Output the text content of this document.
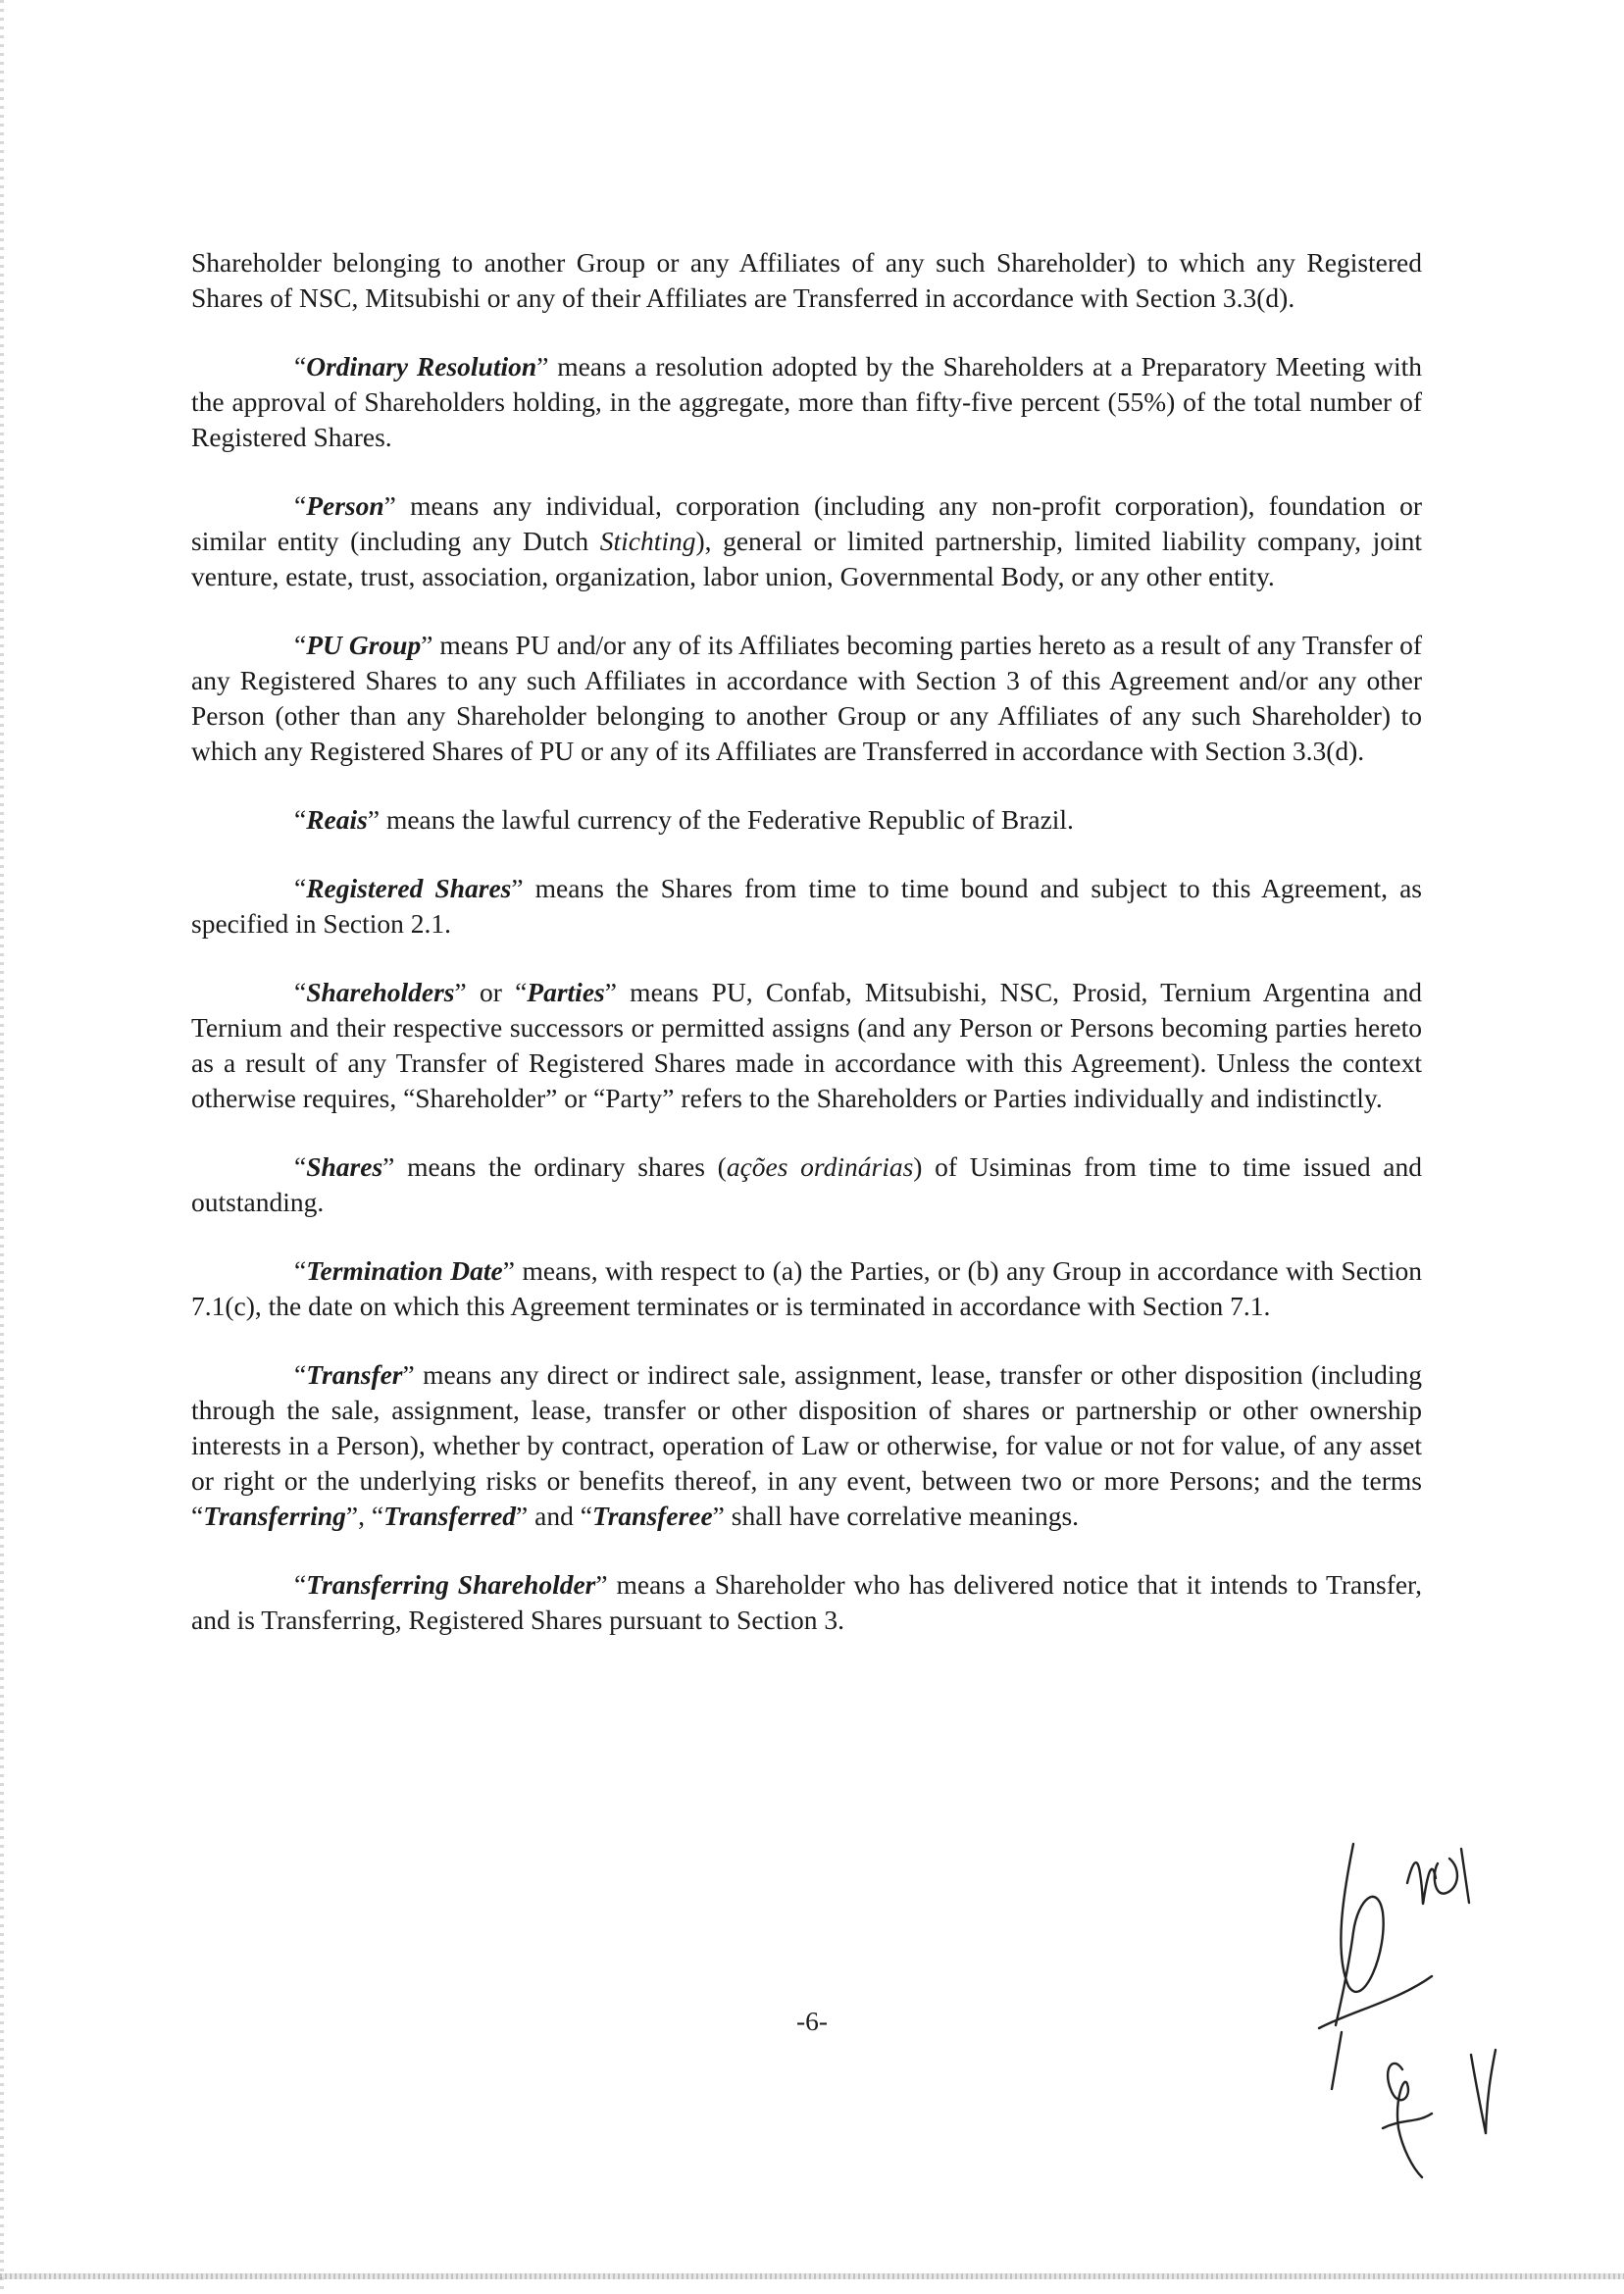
Shareholder belonging to another Group or any Affiliates of any such Shareholder) to which any Registered Shares of NSC, Mitsubishi or any of their Affiliates are Transferred in accordance with Section 3.3(d).

“Ordinary Resolution” means a resolution adopted by the Shareholders at a Preparatory Meeting with the approval of Shareholders holding, in the aggregate, more than fifty-five percent (55%) of the total number of Registered Shares.

“Person” means any individual, corporation (including any non-profit corporation), foundation or similar entity (including any Dutch Stichting), general or limited partnership, limited liability company, joint venture, estate, trust, association, organization, labor union, Governmental Body, or any other entity.

“PU Group” means PU and/or any of its Affiliates becoming parties hereto as a result of any Transfer of any Registered Shares to any such Affiliates in accordance with Section 3 of this Agreement and/or any other Person (other than any Shareholder belonging to another Group or any Affiliates of any such Shareholder) to which any Registered Shares of PU or any of its Affiliates are Transferred in accordance with Section 3.3(d).

“Reais” means the lawful currency of the Federative Republic of Brazil.

“Registered Shares” means the Shares from time to time bound and subject to this Agreement, as specified in Section 2.1.

“Shareholders” or “Parties” means PU, Confab, Mitsubishi, NSC, Prosid, Ternium Argentina and Ternium and their respective successors or permitted assigns (and any Person or Persons becoming parties hereto as a result of any Transfer of Registered Shares made in accordance with this Agreement). Unless the context otherwise requires, “Shareholder” or “Party” refers to the Shareholders or Parties individually and indistinctly.

“Shares” means the ordinary shares (ações ordinárias) of Usiminas from time to time issued and outstanding.

“Termination Date” means, with respect to (a) the Parties, or (b) any Group in accordance with Section 7.1(c), the date on which this Agreement terminates or is terminated in accordance with Section 7.1.

“Transfer” means any direct or indirect sale, assignment, lease, transfer or other disposition (including through the sale, assignment, lease, transfer or other disposition of shares or partnership or other ownership interests in a Person), whether by contract, operation of Law or otherwise, for value or not for value, of any asset or right or the underlying risks or benefits thereof, in any event, between two or more Persons; and the terms “Transferring”, “Transferred” and “Transferee” shall have correlative meanings.

“Transferring Shareholder” means a Shareholder who has delivered notice that it intends to Transfer, and is Transferring, Registered Shares pursuant to Section 3.

-6-
